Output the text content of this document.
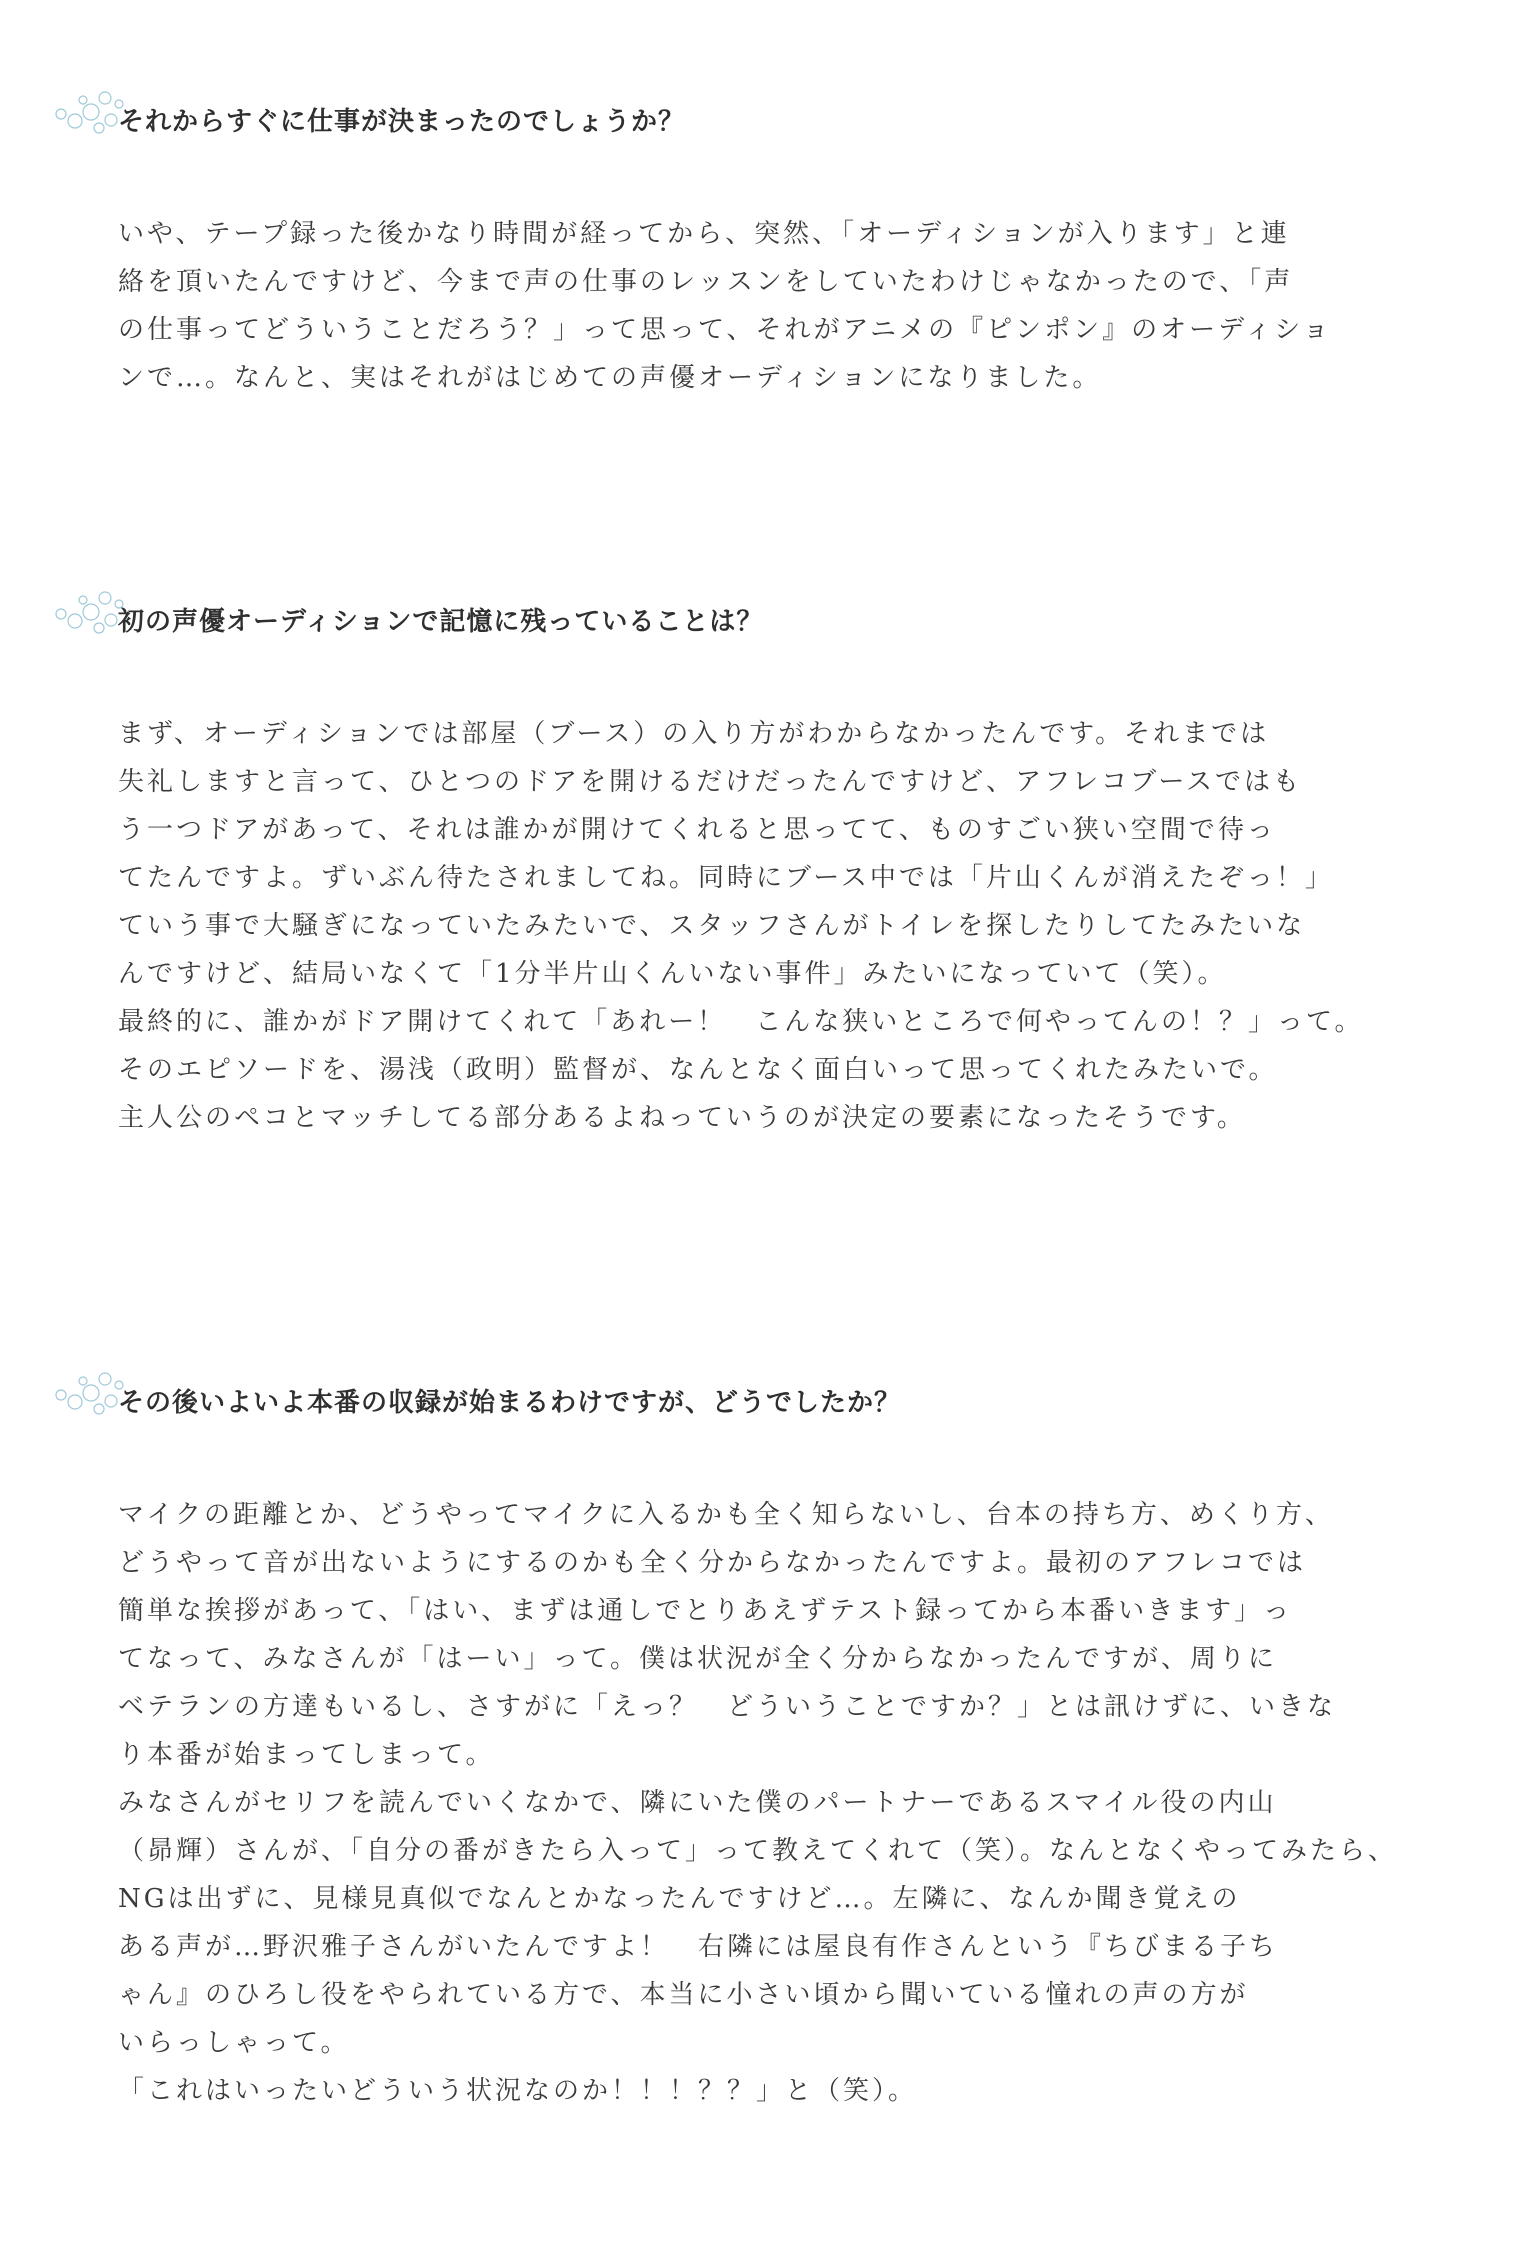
それからすぐに仕事が決まったのでしょうか？

いや、テープ録った後かなり時間が経ってから、突然、「オーディションが入ります」と連
絡を頂いたんですけど、今まで声の仕事のレッスンをしていたわけじゃなかったので、「声
の仕事ってどういうことだろう？」って思って、それがアニメの『ピンポン』のオーディショ
ンで…。なんと、実はそれがはじめての声優オーディションになりました。

初の声優オーディションで記憶に残っていることは？

まず、オーディションでは部屋（ブース）の入り方がわからなかったんです。それまでは
失礼しますと言って、ひとつのドアを開けるだけだったんですけど、アフレコブースではも
う一つドアがあって、それは誰かが開けてくれると思ってて、ものすごい狭い空間で待っ
てたんですよ。ずいぶん待たされましてね。同時にブース中では「片山くんが消えたぞっ！」
ていう事で大騒ぎになっていたみたいで、スタッフさんがトイレを探したりしてたみたいな
んですけど、結局いなくて「1分半片山くんいない事件」みたいになっていて（笑）。

最終的に、誰かがドア開けてくれて「あれー！　こんな狭いところで何やってんの！？」って。
そのエピソードを、湯浅（政明）監督が、なんとなく面白いって思ってくれたみたいで。
主人公のペコとマッチしてる部分あるよねっていうのが決定の要素になったそうです。

その後いよいよ本番の収録が始まるわけですが、どうでしたか？

マイクの距離とか、どうやってマイクに入るかも全く知らないし、台本の持ち方、めくり方、
どうやって音が出ないようにするのかも全く分からなかったんですよ。最初のアフレコでは
簡単な挨拶があって、「はい、まずは通しでとりあえずテスト録ってから本番いきます」っ
てなって、みなさんが「はーい」って。僕は状況が全く分からなかったんですが、周りに
ベテランの方達もいるし、さすがに「えっ？　どういうことですか？」とは訊けずに、いきな
り本番が始まってしまって。

みなさんがセリフを読んでいくなかで、隣にいた僕のパートナーであるスマイル役の内山
（昴輝）さんが、「自分の番がきたら入って」って教えてくれて（笑）。なんとなくやってみたら、
NGは出ずに、見様見真似でなんとかなったんですけど…。左隣に、なんか聞き覚えの
ある声が…野沢雅子さんがいたんですよ！　右隣には屋良有作さんという『ちびまる子ち
ゃん』のひろし役をやられている方で、本当に小さい頃から聞いている憧れの声の方が
いらっしゃって。

「これはいったいどういう状況なのか！！！？？」と（笑）。
